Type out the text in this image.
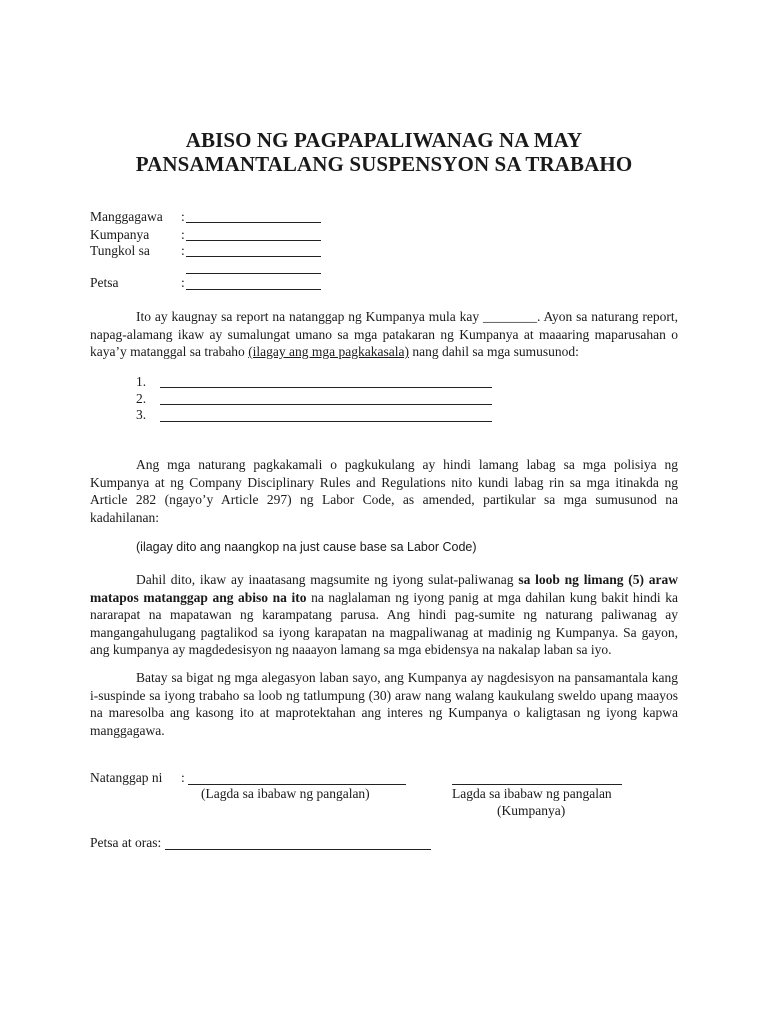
ABISO NG PAGPAPALIWANAG NA MAY
PANSAMANTALANG SUSPENSYON SA TRABAHO
Manggagawa :
Kumpanya :
Tungkol sa :
Petsa	:
Ito ay kaugnay sa report na natanggap ng Kumpanya mula kay ________. Ayon sa naturang report, napag-alamang ikaw ay sumalungat umano sa mga patakaran ng Kumpanya at maaaring maparusahan o kaya’y matanggal sa trabaho (ilagay ang mga pagkakasala) nang dahil sa mga sumusunod:
1.
2.
3.
Ang mga naturang pagkakamali o pagkukulang ay hindi lamang labag sa mga polisiya ng Kumpanya at ng Company Disciplinary Rules and Regulations nito kundi labag rin sa mga itinakda ng Article 282 (ngayo’y Article 297) ng Labor Code, as amended, partikular sa mga sumusunod na kadahilanan:
(ilagay dito ang naangkop na just cause base sa Labor Code)
Dahil dito, ikaw ay inaatasang magsumite ng iyong sulat-paliwanag sa loob ng limang (5) araw matapos matanggap ang abiso na ito na naglalaman ng iyong panig at mga dahilan kung bakit hindi ka nararapat na mapatawan ng karampatang parusa. Ang hindi pag-sumite ng naturang paliwanag ay mangangahulugang pagtalikod sa iyong karapatan na magpaliwanag at madinig ng Kumpanya. Sa gayon, ang kumpanya ay magdedesisyon ng naaayon lamang sa mga ebidensya na nakalap laban sa iyo.
Batay sa bigat ng mga alegasyon laban sayo, ang Kumpanya ay nagdesisyon na pansamantala kang i-suspinde sa iyong trabaho sa loob ng tatlumpung (30) araw nang walang kaukulang sweldo upang maayos na maresolba ang kasong ito at maprotektahan ang interes ng Kumpanya o kaligtasan ng iyong kapwa manggagawa.
Natanggap ni :
(Lagda sa ibabaw ng pangalan)	Lagda sa ibabaw ng pangalan
(Kumpanya)
Petsa at oras:
